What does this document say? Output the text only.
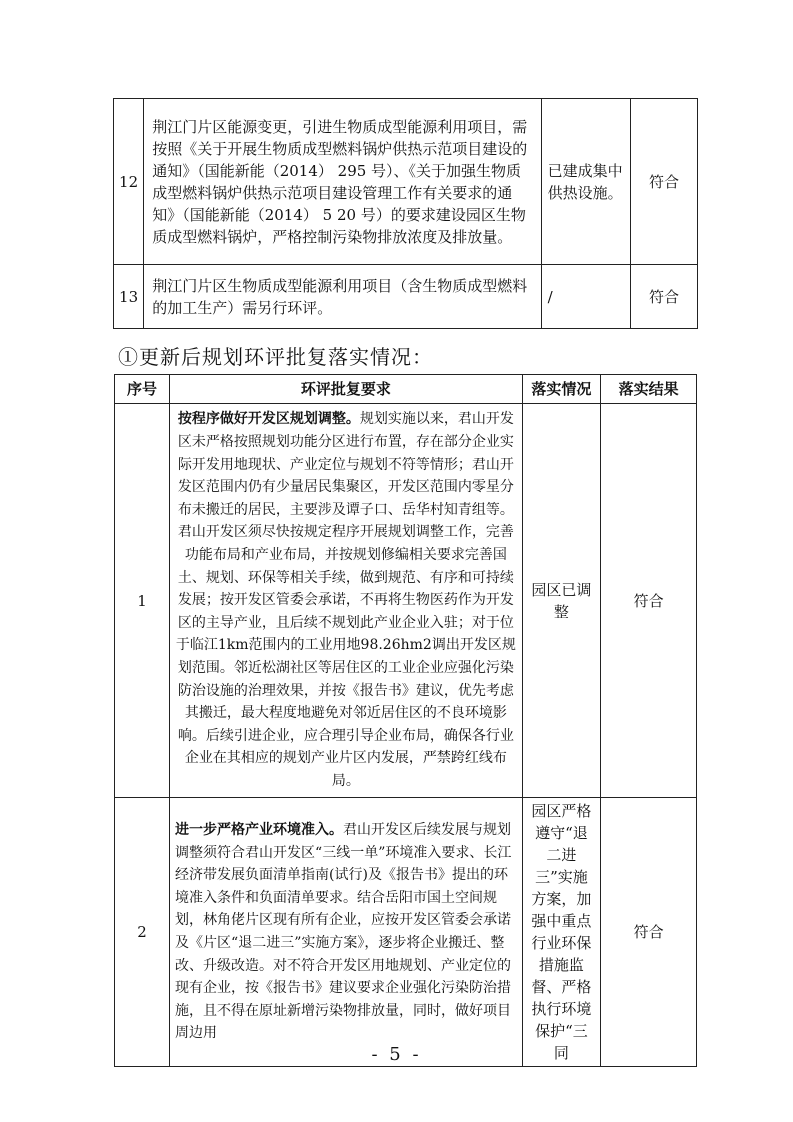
12	荆江门片区能源变更，引进生物质成型能源利用项目，需按照《关于开展生物质成型燃料锅炉供热示范项目建设的通知》（国能新能（2014） 295 号）、《关于加强生物质成型燃料锅炉供热示范项目建设管理工作有关要求的通知》（国能新能（2014） 5 20 号）的要求建设园区生物质成型燃料锅炉，严格控制污染物排放浓度及排放量。	已建成集中供热设施。	符合
13	荆江门片区生物质成型能源利用项目（含生物质成型燃料的加工生产）需另行环评。	/	符合
①更新后规划环评批复落实情况：
序号	环评批复要求	落实情况	落实结果
1	按程序做好开发区规划调整。规划实施以来，君山开发区未严格按照规划功能分区进行布置，存在部分企业实际开发用地现状、产业定位与规划不符等情形；君山开发区范围内仍有少量居民集聚区，开发区范围内零星分布未搬迁的居民，主要涉及谭子口、岳华村知青组等。君山开发区须尽快按规定程序开展规划调整工作，完善功能布局和产业布局，并按规划修编相关要求完善国土、规划、环保等相关手续，做到规范、有序和可持续发展；按开发区管委会承诺，不再将生物医药作为开发区的主导产业，且后续不规划此产业企业入驻；对于位于临江1km范围内的工业用地98.26hm2调出开发区规划范围。邻近松湖社区等居住区的工业企业应强化污染防治设施的治理效果，并按《报告书》建议，优先考虑其搬迁，最大程度地避免对邻近居住区的不良环境影响。后续引进企业，应合理引导企业布局，确保各行业企业在其相应的规划产业片区内发展，严禁跨红线布局。	园区已调整	符合
2	进一步严格产业环境准入。君山开发区后续发展与规划调整须符合君山开发区“三线一单”环境准入要求、长江经济带发展负面清单指南(试行)及《报告书》提出的环境准入条件和负面清单要求。结合岳阳市国土空间规划，林角佬片区现有所有企业，应按开发区管委会承诺及《片区“退二进三”实施方案》，逐步将企业搬迁、整改、升级改造。对不符合开发区用地规划、产业定位的现有企业，按《报告书》建议要求企业强化污染防治措施，且不得在原址新增污染物排放量，同时，做好项目周边用	园区严格遵守“退二进三”实施方案，加强中重点行业环保措施监督、严格执行环境保护“三同	符合
- 5 -
